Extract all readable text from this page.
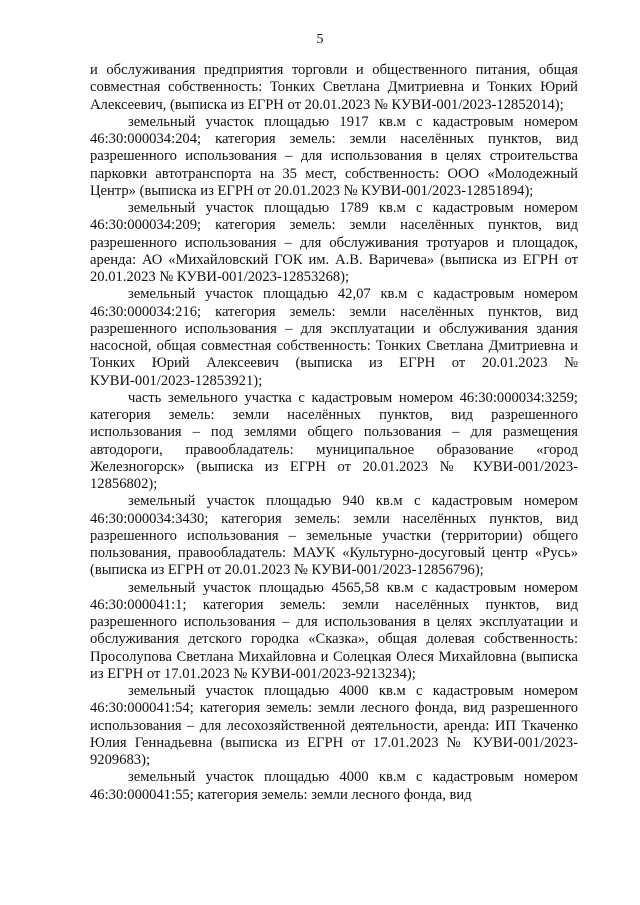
5

и обслуживания предприятия торговли и общественного питания, общая совместная собственность: Тонких Светлана Дмитриевна и Тонких Юрий Алексеевич, (выписка из ЕГРН от 20.01.2023 № КУВИ-001/2023-12852014);

земельный участок площадью 1917 кв.м с кадастровым номером 46:30:000034:204; категория земель: земли населённых пунктов, вид разрешенного использования – для использования в целях строительства парковки автотранспорта на 35 мест, собственность: ООО «Молодежный Центр» (выписка из ЕГРН от 20.01.2023 № КУВИ-001/2023-12851894);

земельный участок площадью 1789 кв.м с кадастровым номером 46:30:000034:209; категория земель: земли населённых пунктов, вид разрешенного использования – для обслуживания тротуаров и площадок, аренда: АО «Михайловский ГОК им. А.В. Варичева» (выписка из ЕГРН от 20.01.2023 № КУВИ-001/2023-12853268);

земельный участок площадью 42,07 кв.м с кадастровым номером 46:30:000034:216; категория земель: земли населённых пунктов, вид разрешенного использования – для эксплуатации и обслуживания здания насосной, общая совместная собственность: Тонких Светлана Дмитриевна и Тонких Юрий Алексеевич (выписка из ЕГРН от 20.01.2023 № КУВИ-001/2023-12853921);

часть земельного участка с кадастровым номером 46:30:000034:3259; категория земель: земли населённых пунктов, вид разрешенного использования – под землями общего пользования – для размещения автодороги, правообладатель: муниципальное образование «город Железногорск» (выписка из ЕГРН от 20.01.2023 № КУВИ-001/2023-12856802);

земельный участок площадью 940 кв.м с кадастровым номером 46:30:000034:3430; категория земель: земли населённых пунктов, вид разрешенного использования – земельные участки (территории) общего пользования, правообладатель: МАУК «Культурно-досуговый центр «Русь» (выписка из ЕГРН от 20.01.2023 № КУВИ-001/2023-12856796);

земельный участок площадью 4565,58 кв.м с кадастровым номером 46:30:000041:1; категория земель: земли населённых пунктов, вид разрешенного использования – для использования в целях эксплуатации и обслуживания детского городка «Сказка», общая долевая собственность: Просолупова Светлана Михайловна и Солецкая Олеся Михайловна (выписка из ЕГРН от 17.01.2023 № КУВИ-001/2023-9213234);

земельный участок площадью 4000 кв.м с кадастровым номером 46:30:000041:54; категория земель: земли лесного фонда, вид разрешенного использования – для лесохозяйственной деятельности, аренда: ИП Ткаченко Юлия Геннадьевна (выписка из ЕГРН от 17.01.2023 № КУВИ-001/2023-9209683);

земельный участок площадью 4000 кв.м с кадастровым номером 46:30:000041:55; категория земель: земли лесного фонда, вид
